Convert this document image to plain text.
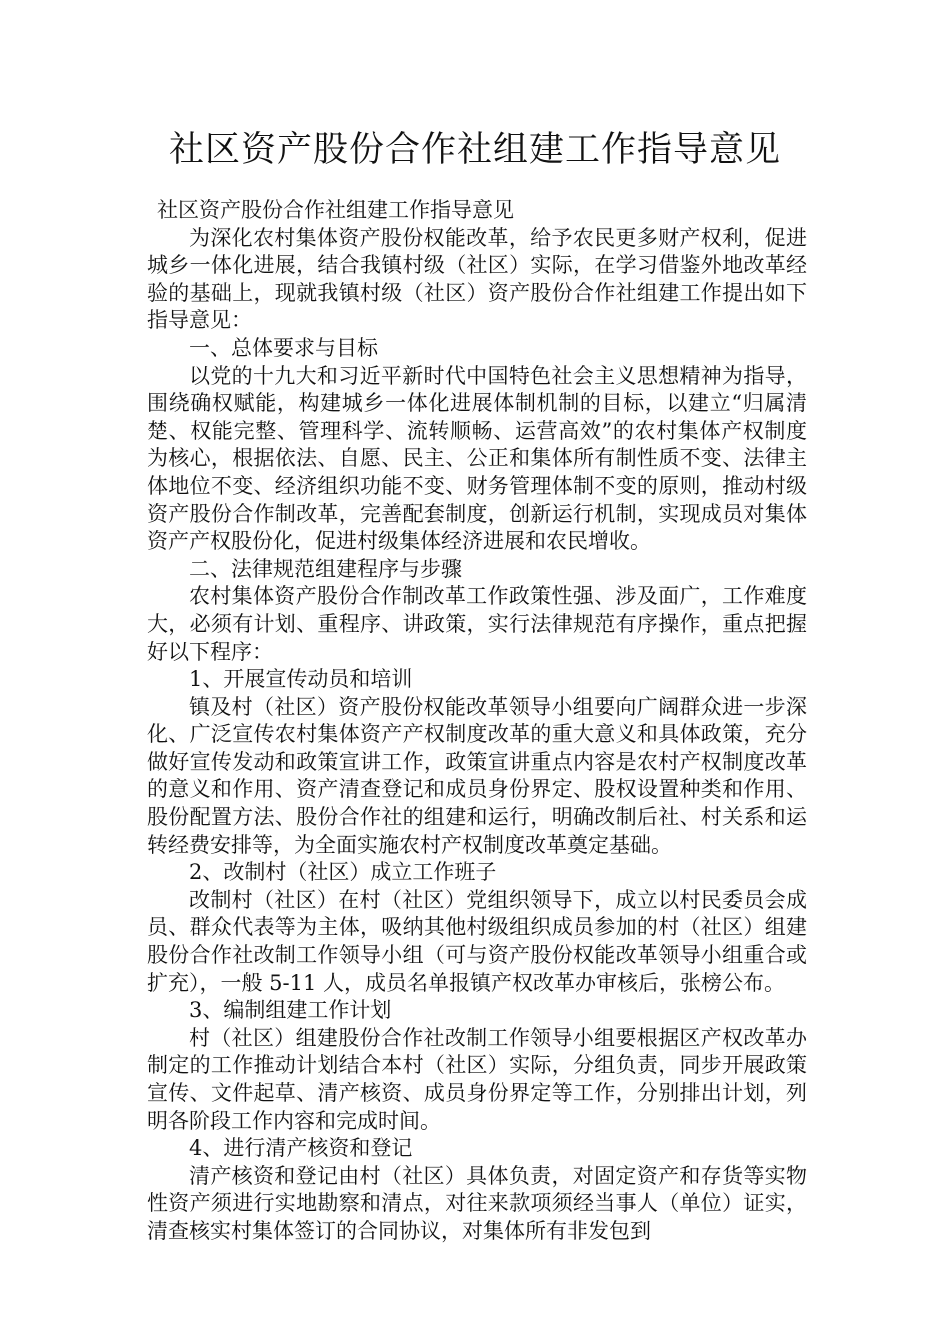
社区资产股份合作社组建工作指导意见

社区资产股份合作社组建工作指导意见

为深化农村集体资产股份权能改革，给予农民更多财产权利，促进城乡一体化进展，结合我镇村级（社区）实际，在学习借鉴外地改革经验的基础上，现就我镇村级（社区）资产股份合作社组建工作提出如下指导意见：

一、总体要求与目标

以党的十九大和习近平新时代中国特色社会主义思想精神为指导，围绕确权赋能，构建城乡一体化进展体制机制的目标，以建立“归属清楚、权能完整、管理科学、流转顺畅、运营高效”的农村集体产权制度为核心，根据依法、自愿、民主、公正和集体所有制性质不变、法律主体地位不变、经济组织功能不变、财务管理体制不变的原则，推动村级资产股份合作制改革，完善配套制度，创新运行机制，实现成员对集体资产产权股份化，促进村级集体经济进展和农民增收。

二、法律规范组建程序与步骤

农村集体资产股份合作制改革工作政策性强、涉及面广，工作难度大，必须有计划、重程序、讲政策，实行法律规范有序操作，重点把握好以下程序：

1、开展宣传动员和培训

镇及村（社区）资产股份权能改革领导小组要向广阔群众进一步深化、广泛宣传农村集体资产产权制度改革的重大意义和具体政策，充分做好宣传发动和政策宣讲工作，政策宣讲重点内容是农村产权制度改革的意义和作用、资产清查登记和成员身份界定、股权设置种类和作用、股份配置方法、股份合作社的组建和运行，明确改制后社、村关系和运转经费安排等，为全面实施农村产权制度改革奠定基础。

2、改制村（社区）成立工作班子

改制村（社区）在村（社区）党组织领导下，成立以村民委员会成员、群众代表等为主体，吸纳其他村级组织成员参加的村（社区）组建股份合作社改制工作领导小组（可与资产股份权能改革领导小组重合或扩充），一般 5-11 人，成员名单报镇产权改革办审核后，张榜公布。

3、编制组建工作计划

村（社区）组建股份合作社改制工作领导小组要根据区产权改革办制定的工作推动计划结合本村（社区）实际，分组负责，同步开展政策宣传、文件起草、清产核资、成员身份界定等工作，分别排出计划，列明各阶段工作内容和完成时间。

4、进行清产核资和登记

清产核资和登记由村（社区）具体负责，对固定资产和存货等实物性资产须进行实地勘察和清点，对往来款项须经当事人（单位）证实，清查核实村集体签订的合同协议，对集体所有非发包到
